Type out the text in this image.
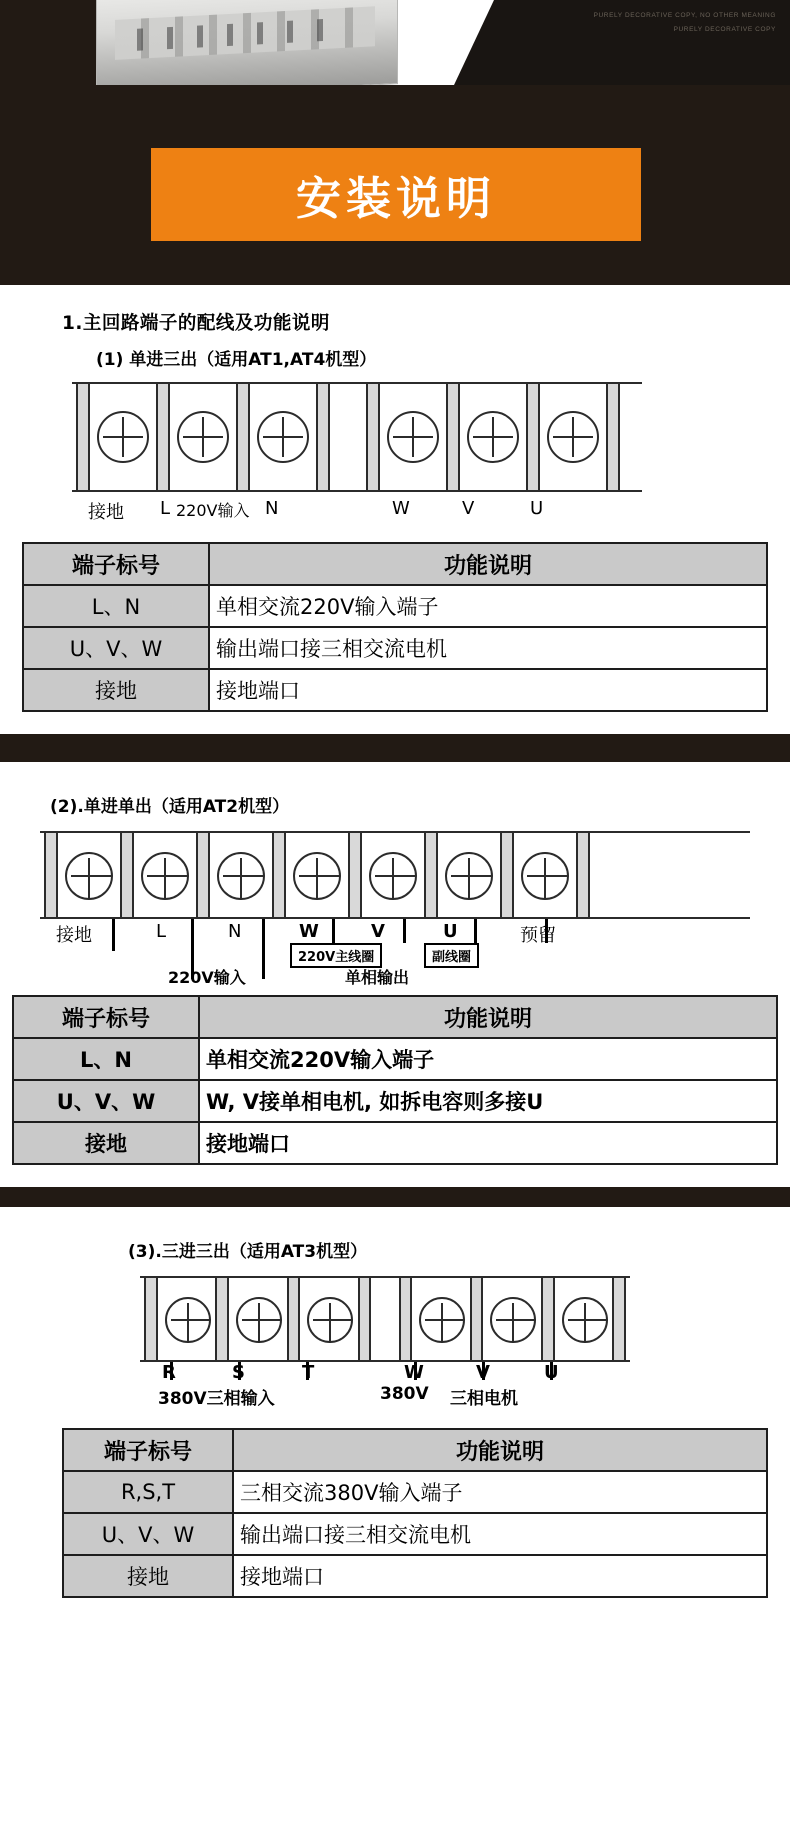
PURELY DECORATIVE COPY, NO OTHER MEANING
PURELY DECORATIVE COPY
安装说明
1.主回路端子的配线及功能说明
(1) 单进三出（适用AT1,AT4机型）
接地 L 220V输入 N	W	V	U
端子标号	功能说明
L、N	单相交流220V输入端子
U、V、W	输出端口接三相交流电机
接地	接地端口
(2).单进单出（适用AT2机型）
接地	L	N	W	V	U	预留
220V主线圈	副线圈
220V输入	单相输出
端子标号	功能说明
L、N	单相交流220V输入端子
U、V、W	W, V接单相电机, 如拆电容则多接U
接地	接地端口
(3).三进三出（适用AT3机型）
R	S	T	W	V	U
380V三相输入	380V 三相电机
端子标号	功能说明
R,S,T	三相交流380V输入端子
U、V、W	输出端口接三相交流电机
接地	接地端口
